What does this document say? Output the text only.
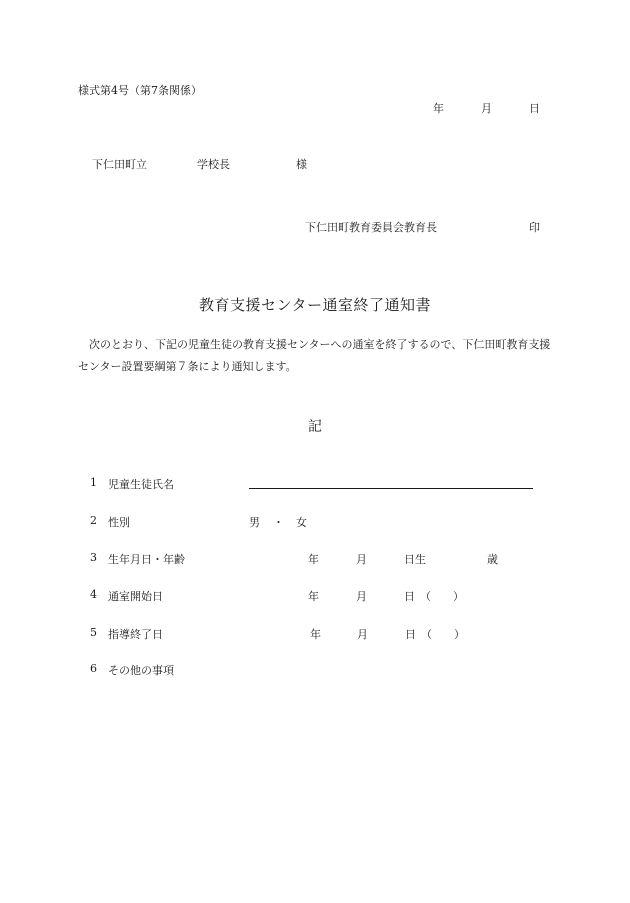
様式第4号（第7条関係）
年	月	日
下仁田町立	学校長	様
下仁田町教育委員会教育長	印
教育支援センター通室終了通知書
次のとおり、下記の児童生徒の教育支援センターへの通室を終了するので、下仁田町教育支援センター設置要綱第７条により通知します。
記
1 児童生徒氏名
2 性別	男 ・ 女
3 生年月日・年齢	年	月	日生	歳
4 通室開始日	年	月	日 （　　）
5 指導終了日	年	月	日 （　　）
6 その他の事項
